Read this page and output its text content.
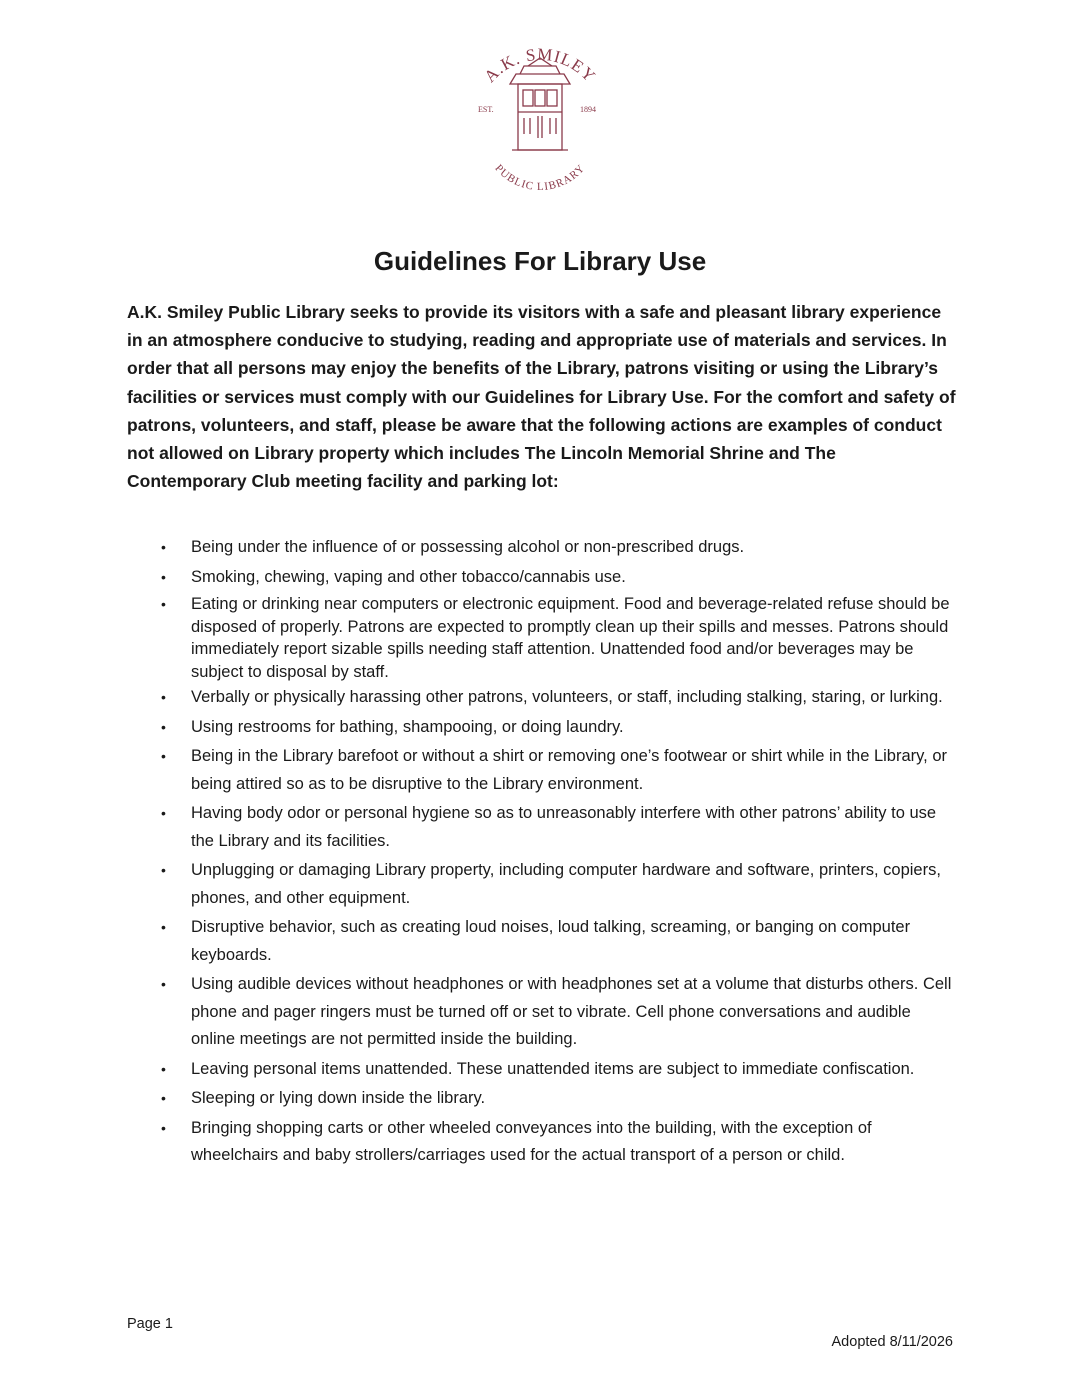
A.K. SMILEY
PUBLIC LIBRARY
EST.	1894
Guidelines For Library Use

A.K. Smiley Public Library seeks to provide its visitors with a safe and pleasant library experience in an atmosphere conducive to studying, reading and appropriate use of materials and services. In order that all persons may enjoy the benefits of the Library, patrons visiting or using the Library’s facilities or services must comply with our Guidelines for Library Use. For the comfort and safety of patrons, volunteers, and staff, please be aware that the following actions are examples of conduct not allowed on Library property which includes The Lincoln Memorial Shrine and The Contemporary Club meeting facility and parking lot:

• Being under the influence of or possessing alcohol or non-prescribed drugs.
• Smoking, chewing, vaping and other tobacco/cannabis use.
• Eating or drinking near computers or electronic equipment. Food and beverage-related refuse should be disposed of properly. Patrons are expected to promptly clean up their spills and messes. Patrons should immediately report sizable spills needing staff attention. Unattended food and/or beverages may be subject to disposal by staff.
• Verbally or physically harassing other patrons, volunteers, or staff, including stalking, staring, or lurking.
• Using restrooms for bathing, shampooing, or doing laundry.
• Being in the Library barefoot or without a shirt or removing one’s footwear or shirt while in the Library, or being attired so as to be disruptive to the Library environment.
• Having body odor or personal hygiene so as to unreasonably interfere with other patrons’ ability to use the Library and its facilities.
• Unplugging or damaging Library property, including computer hardware and software, printers, copiers, phones, and other equipment.
• Disruptive behavior, such as creating loud noises, loud talking, screaming, or banging on computer keyboards.
• Using audible devices without headphones or with headphones set at a volume that disturbs others. Cell phone and pager ringers must be turned off or set to vibrate. Cell phone conversations and audible online meetings are not permitted inside the building.
• Leaving personal items unattended. These unattended items are subject to immediate confiscation.
• Sleeping or lying down inside the library.
• Bringing shopping carts or other wheeled conveyances into the building, with the exception of wheelchairs and baby strollers/carriages used for the actual transport of a person or child.
Page 1
Adopted 8/11/2026
